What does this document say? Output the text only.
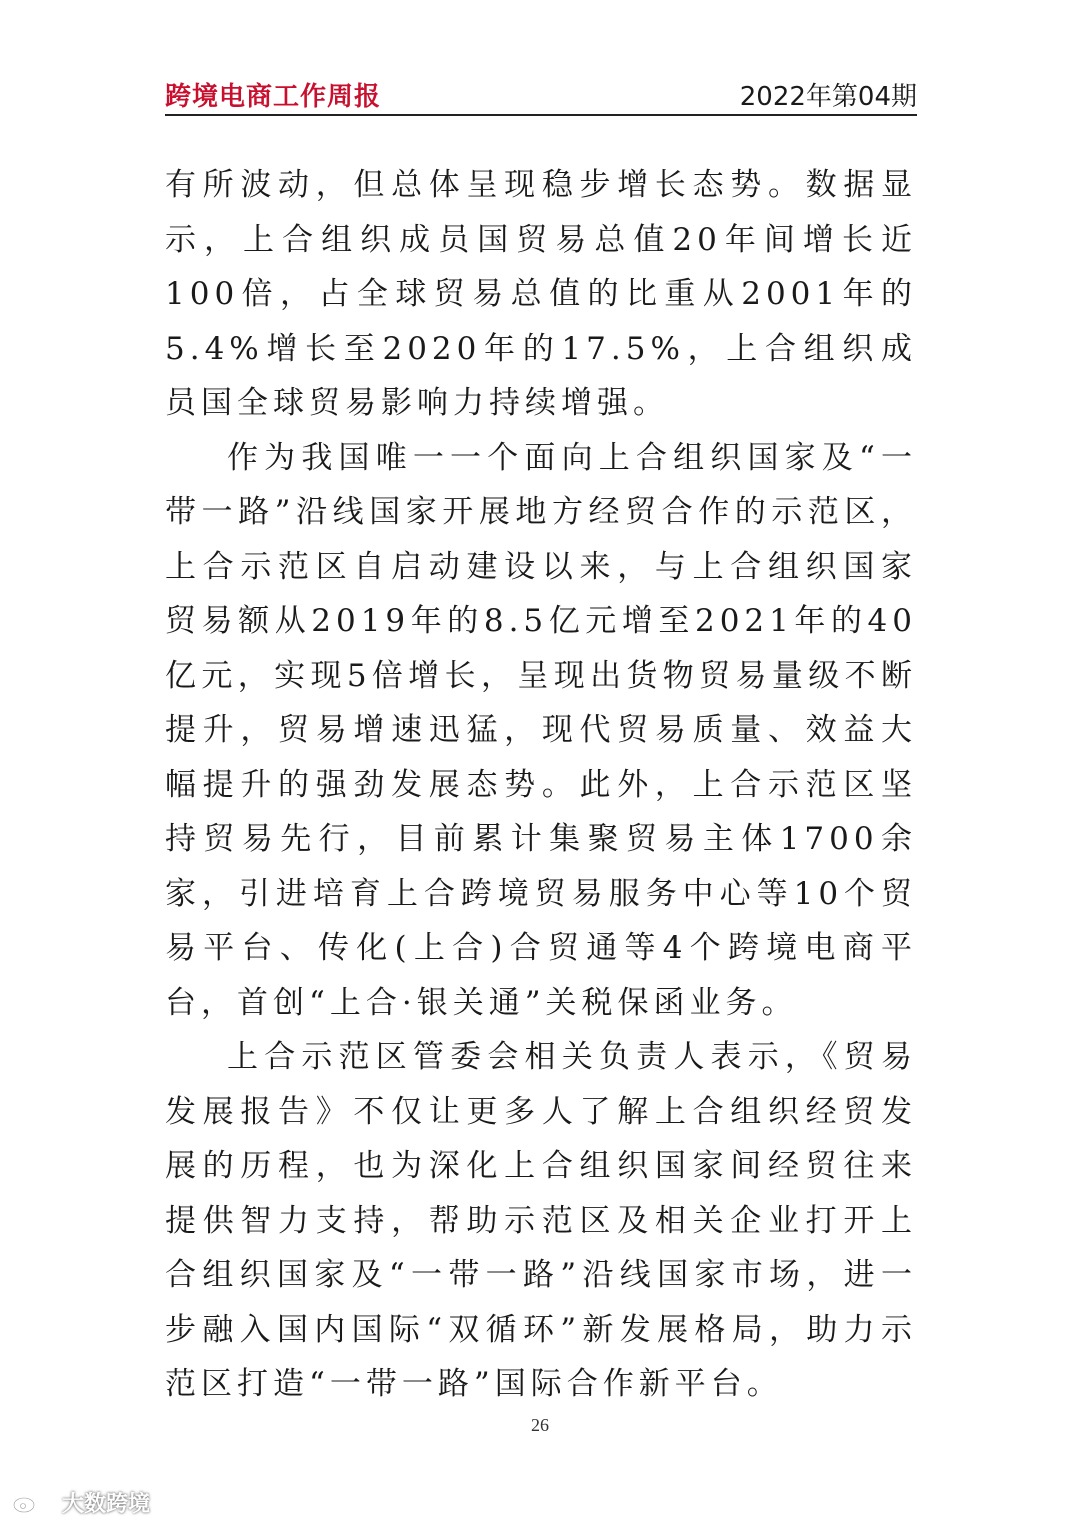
跨境电商工作周报	2022年第04期

有所波动，但总体呈现稳步增长态势。数据显示，上合组织成员国贸易总值20年间增长近100倍，占全球贸易总值的比重从2001年的5.4%增长至2020年的17.5%，上合组织成员国全球贸易影响力持续增强。

作为我国唯一一个面向上合组织国家及“一带一路”沿线国家开展地方经贸合作的示范区，上合示范区自启动建设以来，与上合组织国家贸易额从2019年的8.5亿元增至2021年的40亿元，实现5倍增长，呈现出货物贸易量级不断提升，贸易增速迅猛，现代贸易质量、效益大幅提升的强劲发展态势。此外，上合示范区坚持贸易先行，目前累计集聚贸易主体1700余家，引进培育上合跨境贸易服务中心等10个贸易平台、传化(上合)合贸通等4个跨境电商平台，首创“上合·银关通”关税保函业务。

上合示范区管委会相关负责人表示，《贸易发展报告》不仅让更多人了解上合组织经贸发展的历程，也为深化上合组织国家间经贸往来提供智力支持，帮助示范区及相关企业打开上合组织国家及“一带一路”沿线国家市场，进一步融入国内国际“双循环”新发展格局，助力示范区打造“一带一路”国际合作新平台。

26
大数跨境
